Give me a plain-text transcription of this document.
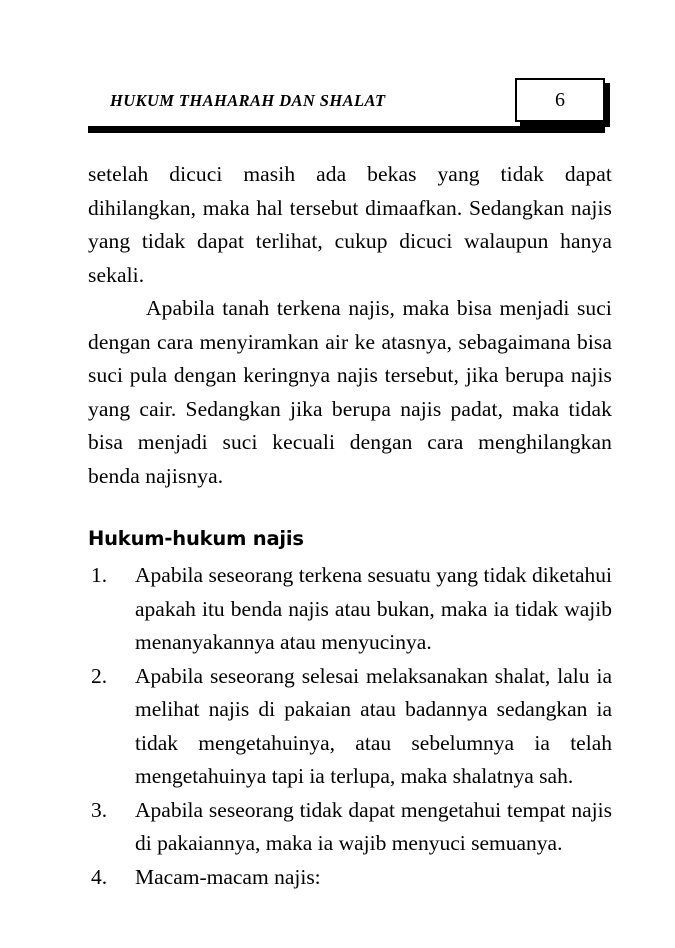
HUKUM THAHARAH DAN SHALAT	6

setelah dicuci masih ada bekas yang tidak dapat dihilangkan, maka hal tersebut dimaafkan. Sedangkan najis yang tidak dapat terlihat, cukup dicuci walaupun hanya sekali.

Apabila tanah terkena najis, maka bisa menjadi suci dengan cara menyiramkan air ke atasnya, sebagaimana bisa suci pula dengan keringnya najis tersebut, jika berupa najis yang cair. Sedangkan jika berupa najis padat, maka tidak bisa menjadi suci kecuali dengan cara menghilangkan benda najisnya.

Hukum-hukum najis
1.	Apabila seseorang terkena sesuatu yang tidak diketahui apakah itu benda najis atau bukan, maka ia tidak wajib menanyakannya atau menyucinya.
2.	Apabila seseorang selesai melaksanakan shalat, lalu ia melihat najis di pakaian atau badannya sedangkan ia tidak mengetahuinya, atau sebelumnya ia telah mengetahuinya tapi ia terlupa, maka shalatnya sah.
3.	Apabila seseorang tidak dapat mengetahui tempat najis di pakaiannya, maka ia wajib menyuci semuanya.
4.	Macam-macam najis:
